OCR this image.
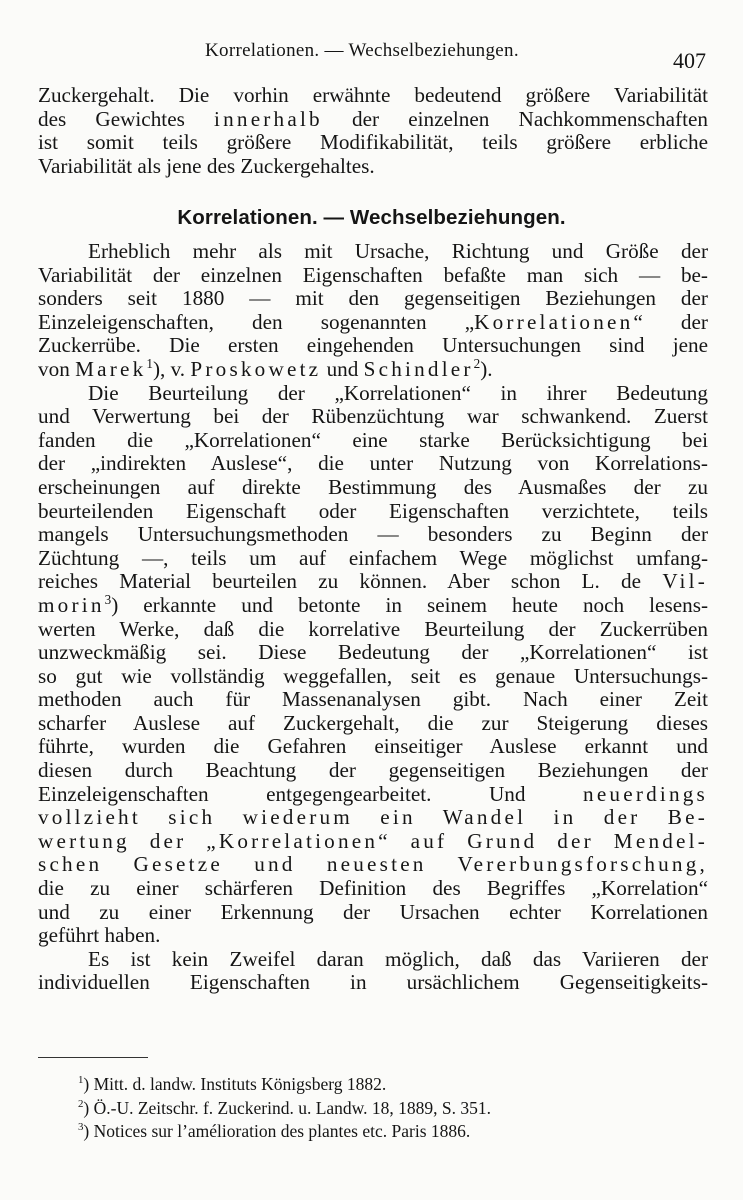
Korrelationen. — Wechselbeziehungen.	407
Zuckergehalt. Die vorhin erwähnte bedeutend größere Variabilität
des Gewichtes innerhalb der einzelnen Nachkommenschaften
ist somit teils größere Modifikabilität, teils größere erbliche
Variabilität als jene des Zuckergehaltes.
Korrelationen. — Wechselbeziehungen.
Erheblich mehr als mit Ursache, Richtung und Größe der
Variabilität der einzelnen Eigenschaften befaßte man sich — be-
sonders seit 1880 — mit den gegenseitigen Beziehungen der
Einzeleigenschaften, den sogenannten „Korrelationen“ der
Zuckerrübe. Die ersten eingehenden Untersuchungen sind jene
von Marek$^1$), v. Proskowetz und Schindler$^2$).
Die Beurteilung der „Korrelationen“ in ihrer Bedeutung
und Verwertung bei der Rübenzüchtung war schwankend. Zuerst
fanden die „Korrelationen“ eine starke Berücksichtigung bei
der „indirekten Auslese“, die unter Nutzung von Korrelations-
erscheinungen auf direkte Bestimmung des Ausmaßes der zu
beurteilenden Eigenschaft oder Eigenschaften verzichtete, teils
mangels Untersuchungsmethoden — besonders zu Beginn der
Züchtung —, teils um auf einfachem Wege möglichst umfang-
reiches Material beurteilen zu können. Aber schon L. de Vil-
morin$^3$) erkannte und betonte in seinem heute noch lesens-
werten Werke, daß die korrelative Beurteilung der Zuckerrüben
unzweckmäßig sei. Diese Bedeutung der „Korrelationen“ ist
so gut wie vollständig weggefallen, seit es genaue Untersuchungs-
methoden auch für Massenanalysen gibt. Nach einer Zeit
scharfer Auslese auf Zuckergehalt, die zur Steigerung dieses
führte, wurden die Gefahren einseitiger Auslese erkannt und
diesen durch Beachtung der gegenseitigen Beziehungen der
Einzeleigenschaften entgegengearbeitet. Und neuerdings
vollzieht sich wiederum ein Wandel in der Be-
wertung der „Korrelationen“ auf Grund der Mendel-
schen Gesetze und neuesten Vererbungsforschung,
die zu einer schärferen Definition des Begriffes „Korrelation“
und zu einer Erkennung der Ursachen echter Korrelationen
geführt haben.
Es ist kein Zweifel daran möglich, daß das Variieren der
individuellen Eigenschaften in ursächlichem Gegenseitigkeits-
$^1$) Mitt. d. landw. Instituts Königsberg 1882.
$^2$) Ö.-U. Zeitschr. f. Zuckerind. u. Landw. 18, 1889, S. 351.
$^3$) Notices sur l’amélioration des plantes etc. Paris 1886.
